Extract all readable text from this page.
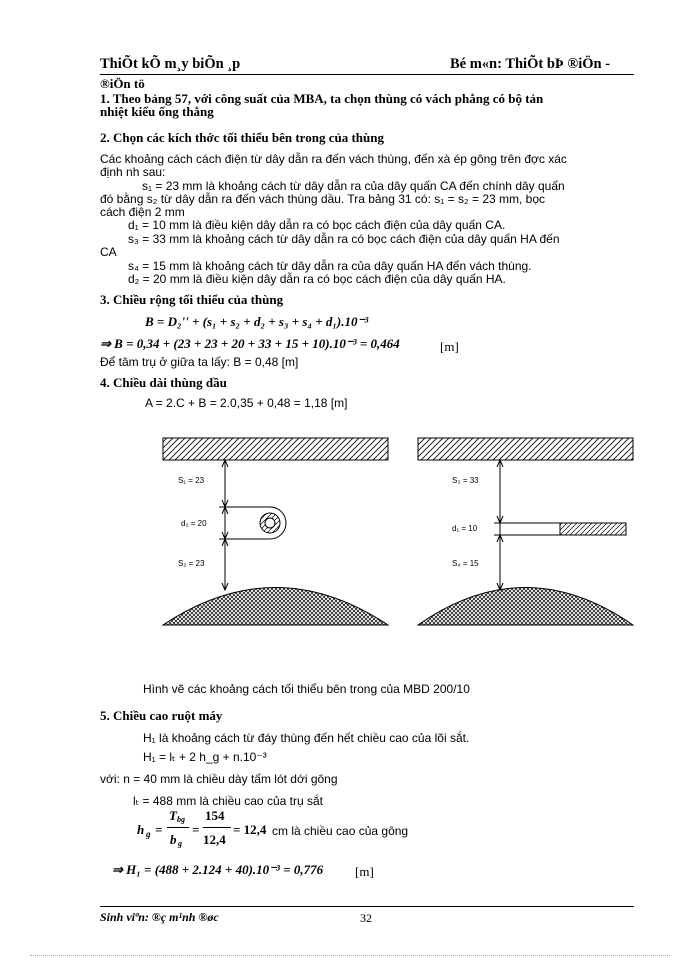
ThiÕt kÕ m¸y biÕn ¸p	Bé m«n: ThiÕt bÞ ®iÖn -
®iÖn tö
1. Theo bảng 57, với công suất của MBA, ta chọn thùng có vách phẳng có bộ tản
nhiệt kiểu ống thẳng
2. Chọn các kích thớc tối thiểu bên trong của thùng
Các khoảng cách cách điện từ dây dẫn ra đến vách thùng, đến xà ép gông trên đợc xác
định nh sau:
s₁ = 23 mm là khoảng cách từ dây dẫn ra của dây quấn CA đến chính dây quấn
đó bằng s₂ từ dây dẫn ra đến vách thùng dầu. Tra bảng 31 có: s₁ = s₂ = 23 mm, bọc
cách điện 2 mm
d₁ = 10 mm là điều kiện dây dẫn ra có bọc cách điện của dây quấn CA.
s₃ = 33 mm là khoảng cách từ dây dẫn ra có bọc cách điện của dây quấn HA đến
CA
s₄ = 15 mm là khoảng cách từ dây dẫn ra của dây quấn HA đến vách thùng.
d₂ = 20 mm là điều kiện dây dẫn ra có bọc cách điện của dây quấn HA.
3. Chiều rộng tối thiểu của thùng
B = D₂'' + (s₁ + s₂ + d₂ + s₃ + s₄ + d₁).10⁻³
⇒ B = 0,34 + (23 + 23 + 20 + 33 + 15 + 10).10⁻³ = 0,464	[m]
Để tâm trụ ở giữa ta lấy: B = 0,48 [m]
4. Chiều dài thùng dầu
A = 2.C + B = 2.0,35 + 0,48 = 1,18 [m]
S₁ = 23
d₂ = 20
S₂ = 23
S₃ = 33
d₁ = 10
S₄ = 15
Hình vẽ các khoảng cách tối thiểu bên trong của MBD 200/10
5. Chiều cao ruột máy
H₁ là khoảng cách từ đáy thùng đến hết chiều cao của lõi sắt.
H₁ = lₜ + 2 h_g + n.10⁻³
với: n = 40 mm là chiều dày tấm lót dới gông
lₜ = 488 mm là chiều cao của trụ sắt
h g =
T bg
b g
=
154
12,4
= 12,4 cm là chiều cao của gông
⇒ H₁ = (488 + 2.124 + 40).10⁻³ = 0,776 [m]
Sinh viªn: ®ç m¹nh ®øc	32
